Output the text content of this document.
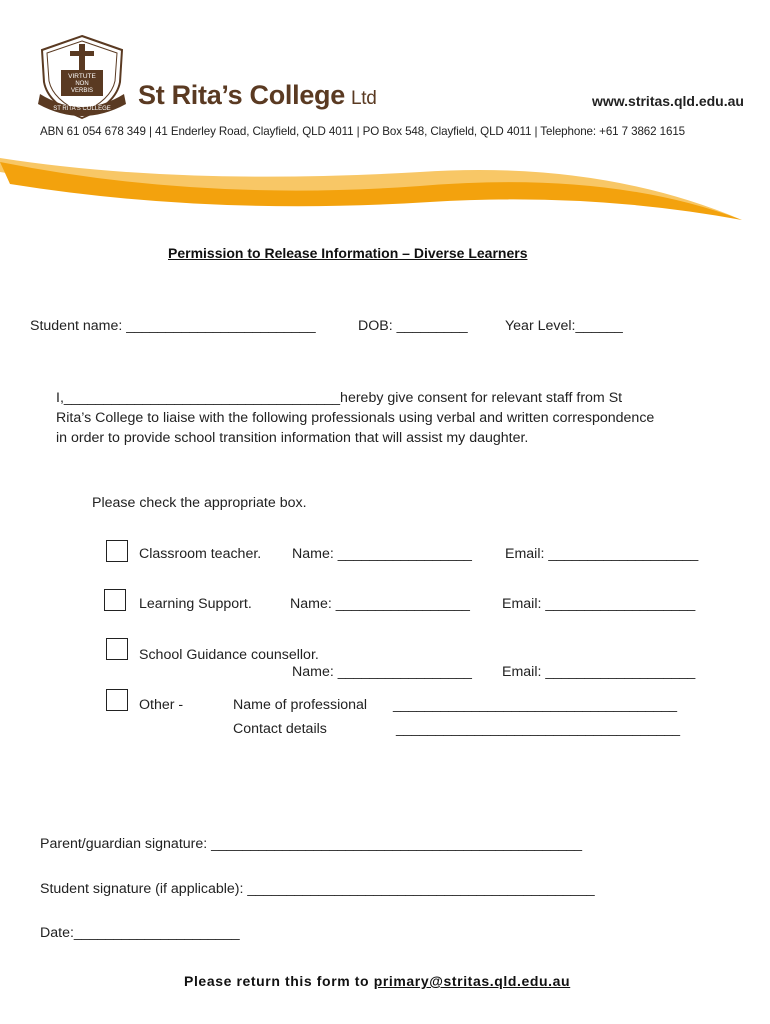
VIRTUTE
NON
VERBIS
ST RITA'S COLLEGE St Rita’s College Ltd	www.stritas.qld.edu.au
ABN 61 054 678 349 | 41 Enderley Road, Clayfield, QLD 4011 | PO Box 548, Clayfield, QLD 4011 | Telephone: +61 7 3862 1615
Permission to Release Information – Diverse Learners
Student name: ________________________	DOB: _________	Year Level:______
I,___________________________________hereby give consent for relevant staff from St
Rita’s College to liaise with the following professionals using verbal and written correspondence
in order to provide school transition information that will assist my daughter.
Please check the appropriate box.
Classroom teacher. Name: _________________ Email: ___________________
Learning Support.	Name: _________________ Email: ___________________
School Guidance counsellor.
Name: _________________ Email: ___________________
Other -	Name of professional ____________________________________
Contact details	____________________________________
Parent/guardian signature: _______________________________________________
Student signature (if applicable): ____________________________________________
Date:_____________________
Please return this form to primary@stritas.qld.edu.au
